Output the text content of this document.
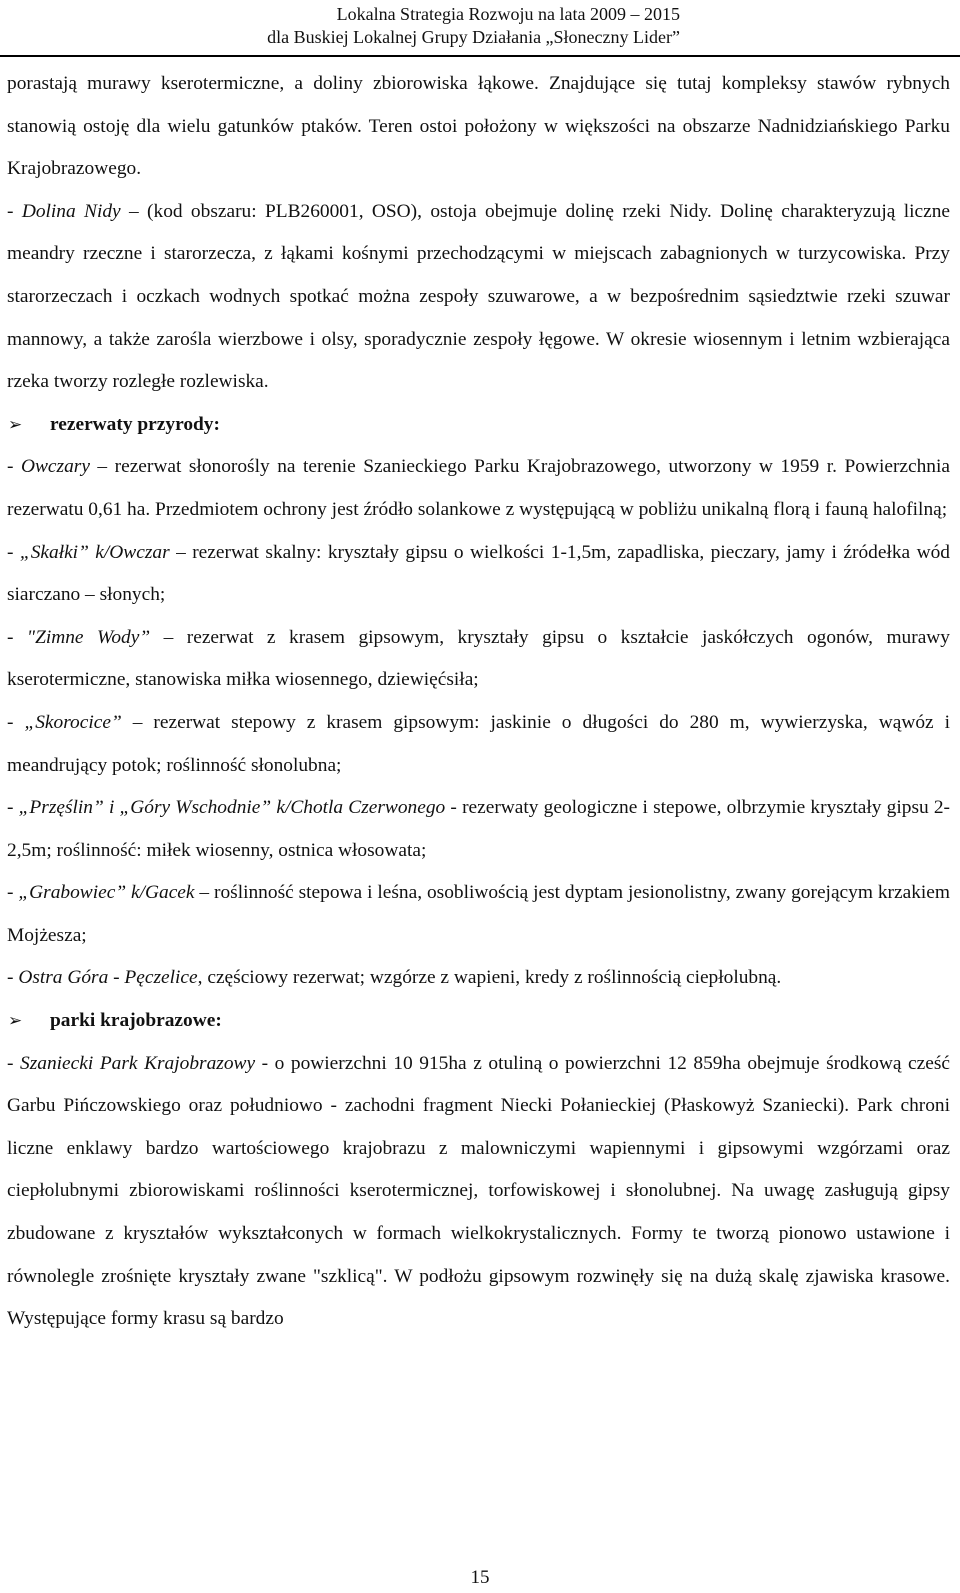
Lokalna Strategia Rozwoju na lata 2009 – 2015
dla Buskiej Lokalnej Grupy Działania „Słoneczny Lider”

porastają murawy kserotermiczne, a doliny zbiorowiska łąkowe. Znajdujące się tutaj kompleksy stawów rybnych stanowią ostoję dla wielu gatunków ptaków. Teren ostoi położony w większości na obszarze Nadnidziańskiego Parku Krajobrazowego.

- Dolina Nidy – (kod obszaru: PLB260001, OSO), ostoja obejmuje dolinę rzeki Nidy. Dolinę charakteryzują liczne meandry rzeczne i starorzecza, z łąkami kośnymi przechodzącymi w miejscach zabagnionych w turzycowiska. Przy starorzeczach i oczkach wodnych spotkać można zespoły szuwarowe, a w bezpośrednim sąsiedztwie rzeki szuwar mannowy, a także zarośla wierzbowe i olsy, sporadycznie zespoły łęgowe. W okresie wiosennym i letnim wzbierająca rzeka tworzy rozległe rozlewiska.

➢ rezerwaty przyrody:

- Owczary – rezerwat słonorośly na terenie Szanieckiego Parku Krajobrazowego, utworzony w 1959 r. Powierzchnia rezerwatu 0,61 ha. Przedmiotem ochrony jest źródło solankowe z występującą w pobliżu unikalną florą i fauną halofilną;

- „Skałki” k/Owczar – rezerwat skalny: kryształy gipsu o wielkości 1-1,5m, zapadliska, pieczary, jamy i źródełka wód siarczano – słonych;

- "Zimne Wody” – rezerwat z krasem gipsowym, kryształy gipsu o kształcie jaskółczych ogonów, murawy kserotermiczne, stanowiska miłka wiosennego, dziewięćsiła;

- „Skorocice” – rezerwat stepowy z krasem gipsowym: jaskinie o długości do 280 m, wywierzyska, wąwóz i meandrujący potok; roślinność słonolubna;

- „Przęślin” i „Góry Wschodnie” k/Chotla Czerwonego - rezerwaty geologiczne i stepowe, olbrzymie kryształy gipsu 2-2,5m; roślinność: miłek wiosenny, ostnica włosowata;

- „Grabowiec” k/Gacek – roślinność stepowa i leśna, osobliwością jest dyptam jesionolistny, zwany gorejącym krzakiem Mojżesza;

- Ostra Góra - Pęczelice, częściowy rezerwat; wzgórze z wapieni, kredy z roślinnością ciepłolubną.

➢ parki krajobrazowe:

- Szaniecki Park Krajobrazowy - o powierzchni 10 915ha z otuliną o powierzchni 12 859ha obejmuje środkową cześć Garbu Pińczowskiego oraz południowo - zachodni fragment Niecki Połanieckiej (Płaskowyż Szaniecki). Park chroni liczne enklawy bardzo wartościowego krajobrazu z malowniczymi wapiennymi i gipsowymi wzgórzami oraz ciepłolubnymi zbiorowiskami roślinności kserotermicznej, torfowiskowej i słonolubnej. Na uwagę zasługują gipsy zbudowane z kryształów wykształconych w formach wielkokrystalicznych. Formy te tworzą pionowo ustawione i równolegle zrośnięte kryształy zwane "szklicą". W podłożu gipsowym rozwinęły się na dużą skalę zjawiska krasowe. Występujące formy krasu są bardzo

15
